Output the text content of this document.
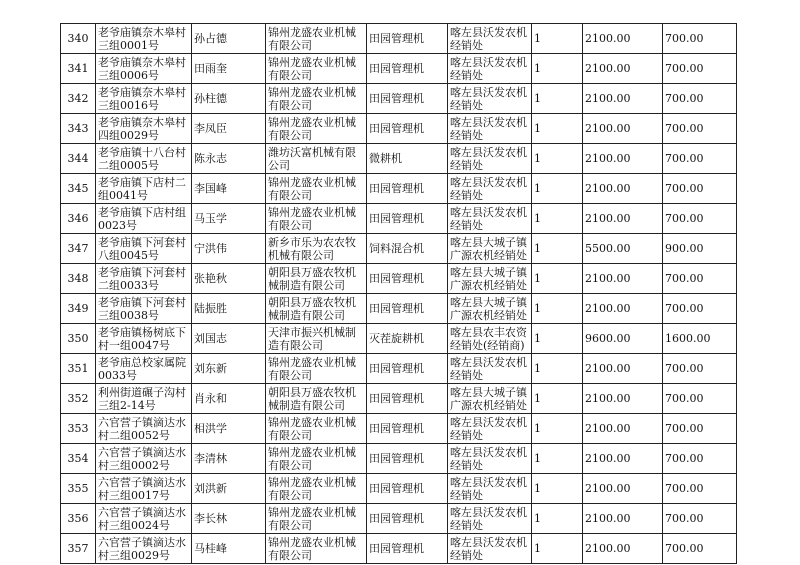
340	老爷庙镇奈木皋村三组0001号	孙占德	锦州龙盛农业机械有限公司	田园管理机	喀左县沃发农机经销处	1	2100.00	700.00
341	老爷庙镇奈木皋村三组0006号	田雨奎	锦州龙盛农业机械有限公司	田园管理机	喀左县沃发农机经销处	1	2100.00	700.00
342	老爷庙镇奈木皋村三组0016号	孙柱德	锦州龙盛农业机械有限公司	田园管理机	喀左县沃发农机经销处	1	2100.00	700.00
343	老爷庙镇奈木皋村四组0029号	李凤臣	锦州龙盛农业机械有限公司	田园管理机	喀左县沃发农机经销处	1	2100.00	700.00
344	老爷庙镇十八台村二组0005号	陈永志	潍坊沃富机械有限公司	微耕机	喀左县沃发农机经销处	1	2100.00	700.00
345	老爷庙镇下店村二组0041号	李国峰	锦州龙盛农业机械有限公司	田园管理机	喀左县沃发农机经销处	1	2100.00	700.00
346	老爷庙镇下店村组0023号	马玉学	锦州龙盛农业机械有限公司	田园管理机	喀左县沃发农机经销处	1	2100.00	700.00
347	老爷庙镇下河套村八组0045号	宁洪伟	新乡市乐为农农牧机械有限公司	饲料混合机	喀左县大城子镇广源农机经销处	1	5500.00	900.00
348	老爷庙镇下河套村二组0033号	张艳秋	朝阳县万盛农牧机械制造有限公司	田园管理机	喀左县大城子镇广源农机经销处	1	2100.00	700.00
349	老爷庙镇下河套村三组0038号	陆振胜	朝阳县万盛农牧机械制造有限公司	田园管理机	喀左县大城子镇广源农机经销处	1	2100.00	700.00
350	老爷庙镇杨树底下村一组0047号	刘国志	天津市振兴机械制造有限公司	灭茬旋耕机	喀左县农丰农资经销处(经销商)	1	9600.00	1600.00
351	老爷庙总校家属院0033号	刘东新	锦州龙盛农业机械有限公司	田园管理机	喀左县沃发农机经销处	1	2100.00	700.00
352	利州街道碾子沟村三组2-14号	肖永和	朝阳县万盛农牧机械制造有限公司	田园管理机	喀左县大城子镇广源农机经销处	1	2100.00	700.00
353	六官营子镇滴达水村二组0052号	相洪学	锦州龙盛农业机械有限公司	田园管理机	喀左县沃发农机经销处	1	2100.00	700.00
354	六官营子镇滴达水村三组0002号	李清林	锦州龙盛农业机械有限公司	田园管理机	喀左县沃发农机经销处	1	2100.00	700.00
355	六官营子镇滴达水村三组0017号	刘洪新	锦州龙盛农业机械有限公司	田园管理机	喀左县沃发农机经销处	1	2100.00	700.00
356	六官营子镇滴达水村三组0024号	李长林	锦州龙盛农业机械有限公司	田园管理机	喀左县沃发农机经销处	1	2100.00	700.00
357	六官营子镇滴达水村三组0029号	马桂峰	锦州龙盛农业机械有限公司	田园管理机	喀左县沃发农机经销处	1	2100.00	700.00
